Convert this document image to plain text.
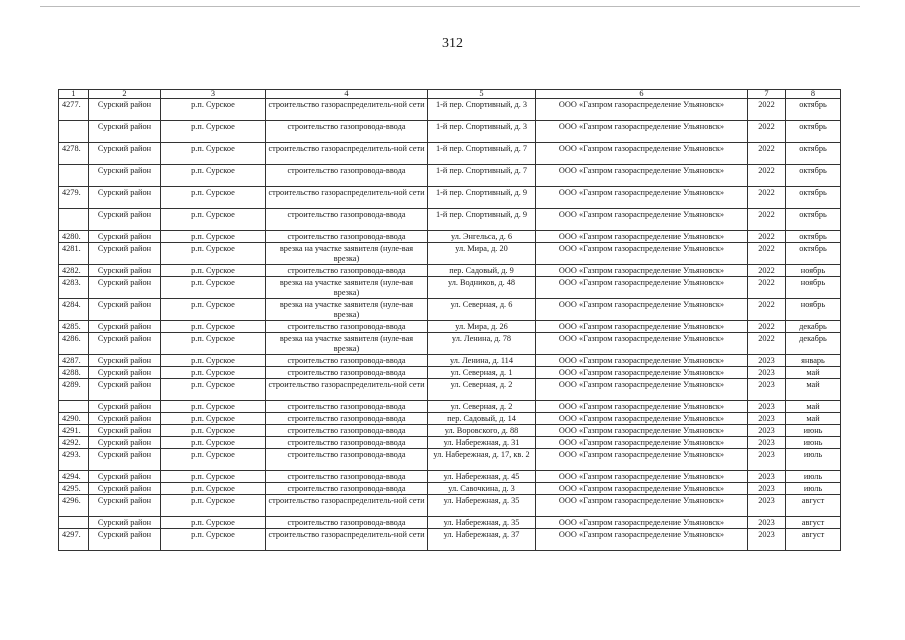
312
1	2	3	4	5	6	7	8
4277.	Сурский район	р.п. Сурское	строительство газораспределитель-ной сети	1-й пер. Спортивный, д. 3	ООО «Газпром газораспределение Ульяновск»	2022	октябрь
	Сурский район	р.п. Сурское	строительство газопровода-ввода	1-й пер. Спортивный, д. 3	ООО «Газпром газораспределение Ульяновск»	2022	октябрь
4278.	Сурский район	р.п. Сурское	строительство газораспределитель-ной сети	1-й пер. Спортивный, д. 7	ООО «Газпром газораспределение Ульяновск»	2022	октябрь
	Сурский район	р.п. Сурское	строительство газопровода-ввода	1-й пер. Спортивный, д. 7	ООО «Газпром газораспределение Ульяновск»	2022	октябрь
4279.	Сурский район	р.п. Сурское	строительство газораспределитель-ной сети	1-й пер. Спортивный, д. 9	ООО «Газпром газораспределение Ульяновск»	2022	октябрь
	Сурский район	р.п. Сурское	строительство газопровода-ввода	1-й пер. Спортивный, д. 9	ООО «Газпром газораспределение Ульяновск»	2022	октябрь
4280.	Сурский район	р.п. Сурское	строительство газопровода-ввода	ул. Энгельса, д. 6	ООО «Газпром газораспределение Ульяновск»	2022	октябрь
4281.	Сурский район	р.п. Сурское	врезка на участке заявителя (нуле-вая врезка)	ул. Мира, д. 20	ООО «Газпром газораспределение Ульяновск»	2022	октябрь
4282.	Сурский район	р.п. Сурское	строительство газопровода-ввода	пер. Садовый, д. 9	ООО «Газпром газораспределение Ульяновск»	2022	ноябрь
4283.	Сурский район	р.п. Сурское	врезка на участке заявителя (нуле-вая врезка)	ул. Водников, д. 48	ООО «Газпром газораспределение Ульяновск»	2022	ноябрь
4284.	Сурский район	р.п. Сурское	врезка на участке заявителя (нуле-вая врезка)	ул. Северная, д. 6	ООО «Газпром газораспределение Ульяновск»	2022	ноябрь
4285.	Сурский район	р.п. Сурское	строительство газопровода-ввода	ул. Мира, д. 26	ООО «Газпром газораспределение Ульяновск»	2022	декабрь
4286.	Сурский район	р.п. Сурское	врезка на участке заявителя (нуле-вая врезка)	ул. Ленина, д. 78	ООО «Газпром газораспределение Ульяновск»	2022	декабрь
4287.	Сурский район	р.п. Сурское	строительство газопровода-ввода	ул. Ленина, д. 114	ООО «Газпром газораспределение Ульяновск»	2023	январь
4288.	Сурский район	р.п. Сурское	строительство газопровода-ввода	ул. Северная, д. 1	ООО «Газпром газораспределение Ульяновск»	2023	май
4289.	Сурский район	р.п. Сурское	строительство газораспределитель-ной сети	ул. Северная, д. 2	ООО «Газпром газораспределение Ульяновск»	2023	май
	Сурский район	р.п. Сурское	строительство газопровода-ввода	ул. Северная, д. 2	ООО «Газпром газораспределение Ульяновск»	2023	май
4290.	Сурский район	р.п. Сурское	строительство газопровода-ввода	пер. Садовый, д. 14	ООО «Газпром газораспределение Ульяновск»	2023	май
4291.	Сурский район	р.п. Сурское	строительство газопровода-ввода	ул. Воровского, д. 88	ООО «Газпром газораспределение Ульяновск»	2023	июнь
4292.	Сурский район	р.п. Сурское	строительство газопровода-ввода	ул. Набережная, д. 31	ООО «Газпром газораспределение Ульяновск»	2023	июнь
4293.	Сурский район	р.п. Сурское	строительство газопровода-ввода	ул. Набережная, д. 17, кв. 2	ООО «Газпром газораспределение Ульяновск»	2023	июль
4294.	Сурский район	р.п. Сурское	строительство газопровода-ввода	ул. Набережная, д. 45	ООО «Газпром газораспределение Ульяновск»	2023	июль
4295.	Сурский район	р.п. Сурское	строительство газопровода-ввода	ул. Савочкина, д. 3	ООО «Газпром газораспределение Ульяновск»	2023	июль
4296.	Сурский район	р.п. Сурское	строительство газораспределитель-ной сети	ул. Набережная, д. 35	ООО «Газпром газораспределение Ульяновск»	2023	август
	Сурский район	р.п. Сурское	строительство газопровода-ввода	ул. Набережная, д. 35	ООО «Газпром газораспределение Ульяновск»	2023	август
4297.	Сурский район	р.п. Сурское	строительство газораспределитель-ной сети	ул. Набережная, д. 37	ООО «Газпром газораспределение Ульяновск»	2023	август
